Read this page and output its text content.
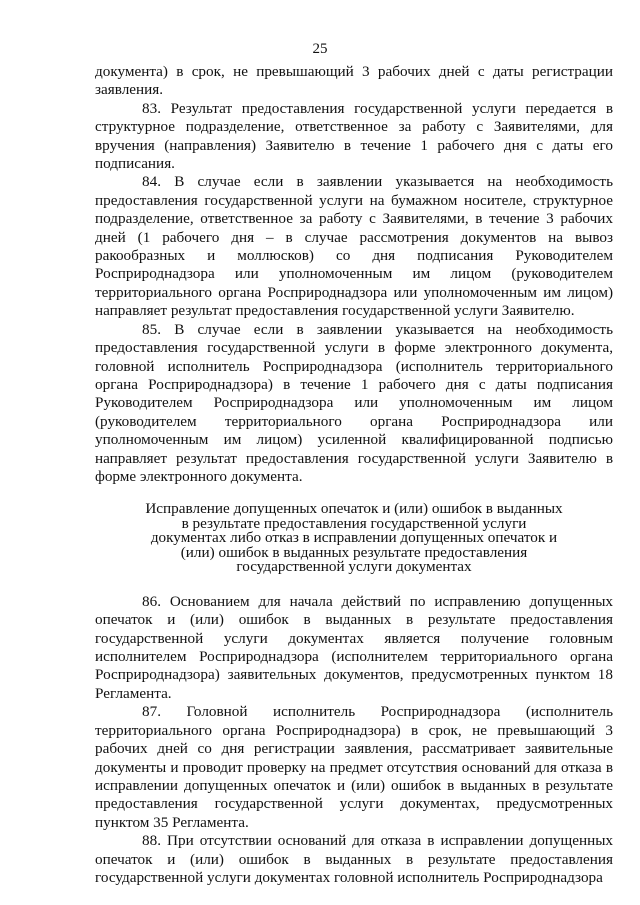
25

документа) в срок, не превышающий 3 рабочих дней с даты регистрации заявления.

83. Результат предоставления государственной услуги передается в структурное подразделение, ответственное за работу с Заявителями, для вручения (направления) Заявителю в течение 1 рабочего дня с даты его подписания.

84. В случае если в заявлении указывается на необходимость предоставления государственной услуги на бумажном носителе, структурное подразделение, ответственное за работу с Заявителями, в течение 3 рабочих дней (1 рабочего дня – в случае рассмотрения документов на вывоз ракообразных и моллюсков) со дня подписания Руководителем Росприроднадзора или уполномоченным им лицом (руководителем территориального органа Росприроднадзора или уполномоченным им лицом) направляет результат предоставления государственной услуги Заявителю.

85. В случае если в заявлении указывается на необходимость предоставления государственной услуги в форме электронного документа, головной исполнитель Росприроднадзора (исполнитель территориального органа Росприроднадзора) в течение 1 рабочего дня с даты подписания Руководителем Росприроднадзора или уполномоченным им лицом (руководителем территориального органа Росприроднадзора или уполномоченным им лицом) усиленной квалифицированной подписью направляет результат предоставления государственной услуги Заявителю в форме электронного документа.

Исправление допущенных опечаток и (или) ошибок в выданных в результате предоставления государственной услуги документах либо отказ в исправлении допущенных опечаток и (или) ошибок в выданных результате предоставления государственной услуги документах

86. Основанием для начала действий по исправлению допущенных опечаток и (или) ошибок в выданных в результате предоставления государственной услуги документах является получение головным исполнителем Росприроднадзора (исполнителем территориального органа Росприроднадзора) заявительных документов, предусмотренных пунктом 18 Регламента.

87. Головной исполнитель Росприроднадзора (исполнитель территориального органа Росприроднадзора) в срок, не превышающий 3 рабочих дней со дня регистрации заявления, рассматривает заявительные документы и проводит проверку на предмет отсутствия оснований для отказа в исправлении допущенных опечаток и (или) ошибок в выданных в результате предоставления государственной услуги документах, предусмотренных пунктом 35 Регламента.

88. При отсутствии оснований для отказа в исправлении допущенных опечаток и (или) ошибок в выданных в результате предоставления государственной услуги документах головной исполнитель Росприроднадзора
